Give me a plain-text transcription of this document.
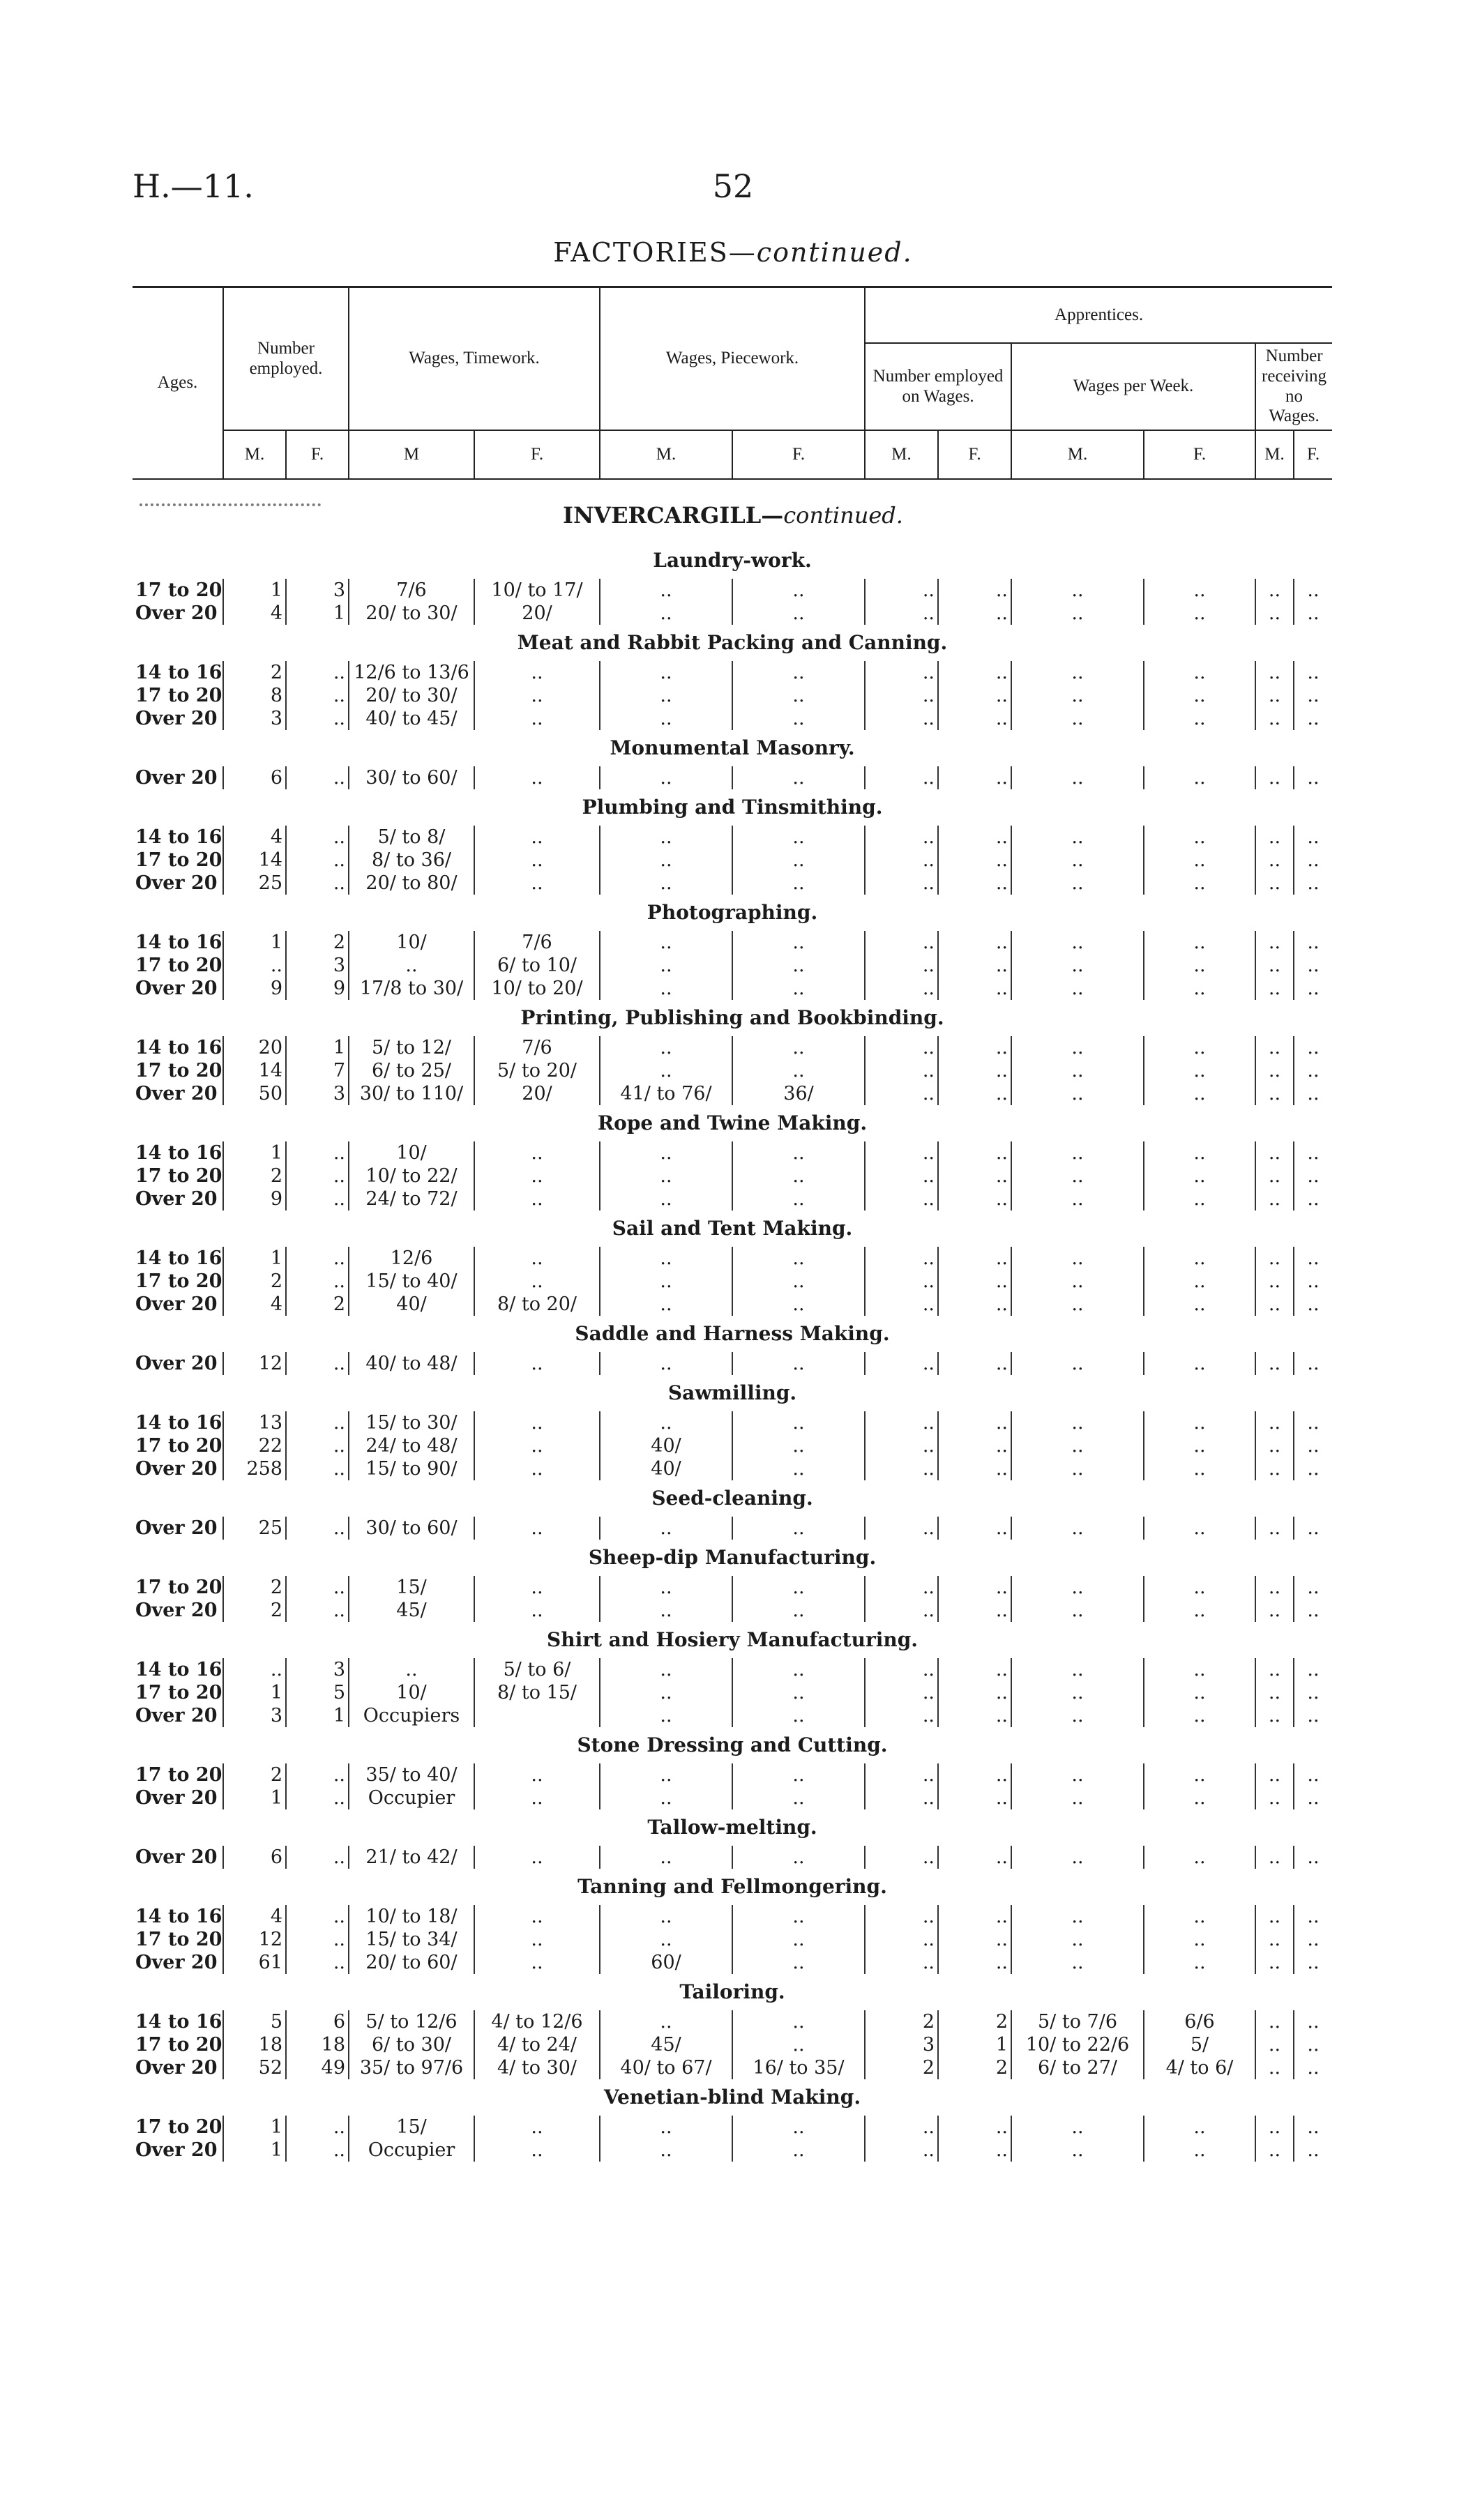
H.—11.	52
FACTORIES—continued.
Ages.	Number employed.		Wages, Timework.		Wages, Piecework.		Apprentices.					
							Number employed on Wages.		Wages per Week.		Number receiving no Wages.	
	M.	F.	M	F.	M.	F.	M.	F.	M.	F.	M.	F.
INVERCARGILL—continued.
Laundry-work.												
17 to 20	1	3	7/6	10/ to 17/	..	..	..	..	..	..	..	..
Over 20	4	1	20/ to 30/	20/	..	..	..	..	..	..	..	..
Meat and Rabbit Packing and Canning.												
14 to 16	2	..	12/6 to 13/6	..	..	..	..	..	..	..	..	..
17 to 20	8	..	20/ to 30/	..	..	..	..	..	..	..	..	..
Over 20	3	..	40/ to 45/	..	..	..	..	..	..	..	..	..
Monumental Masonry.												
Over 20	6	..	30/ to 60/	..	..	..	..	..	..	..	..	..
Plumbing and Tinsmithing.												
14 to 16	4	..	5/ to 8/	..	..	..	..	..	..	..	..	..
17 to 20	14	..	8/ to 36/	..	..	..	..	..	..	..	..	..
Over 20	25	..	20/ to 80/	..	..	..	..	..	..	..	..	..
Photographing.												
14 to 16	1	2	10/	7/6	..	..	..	..	..	..	..	..
17 to 20	..	3	..	6/ to 10/	..	..	..	..	..	..	..	..
Over 20	9	9	17/8 to 30/	10/ to 20/	..	..	..	..	..	..	..	..
Printing, Publishing and Bookbinding.												
14 to 16	20	1	5/ to 12/	7/6	..	..	..	..	..	..	..	..
17 to 20	14	7	6/ to 25/	5/ to 20/	..	..	..	..	..	..	..	..
Over 20	50	3	30/ to 110/	20/	41/ to 76/	36/	..	..	..	..	..	..
Rope and Twine Making.												
14 to 16	1	..	10/	..	..	..	..	..	..	..	..	..
17 to 20	2	..	10/ to 22/	..	..	..	..	..	..	..	..	..
Over 20	9	..	24/ to 72/	..	..	..	..	..	..	..	..	..
Sail and Tent Making.												
14 to 16	1	..	12/6	..	..	..	..	..	..	..	..	..
17 to 20	2	..	15/ to 40/	..	..	..	..	..	..	..	..	..
Over 20	4	2	40/	8/ to 20/	..	..	..	..	..	..	..	..
Saddle and Harness Making.												
Over 20	12	..	40/ to 48/	..	..	..	..	..	..	..	..	..
Sawmilling.												
14 to 16	13	..	15/ to 30/	..	..	..	..	..	..	..	..	..
17 to 20	22	..	24/ to 48/	..	40/	..	..	..	..	..	..	..
Over 20	258	..	15/ to 90/	..	40/	..	..	..	..	..	..	..
Seed-cleaning.												
Over 20	25	..	30/ to 60/	..	..	..	..	..	..	..	..	..
Sheep-dip Manufacturing.												
17 to 20	2	..	15/	..	..	..	..	..	..	..	..	..
Over 20	2	..	45/	..	..	..	..	..	..	..	..	..
Shirt and Hosiery Manufacturing.												
14 to 16	..	3	..	5/ to 6/	..	..	..	..	..	..	..	..
17 to 20	1	5	10/	8/ to 15/	..	..	..	..	..	..	..	..
Over 20	3	1	Occupiers		..	..	..	..	..	..	..	..
Stone Dressing and Cutting.												
17 to 20	2	..	35/ to 40/	..	..	..	..	..	..	..	..	..
Over 20	1	..	Occupier	..	..	..	..	..	..	..	..	..
Tallow-melting.												
Over 20	6	..	21/ to 42/	..	..	..	..	..	..	..	..	..
Tanning and Fellmongering.												
14 to 16	4	..	10/ to 18/	..	..	..	..	..	..	..	..	..
17 to 20	12	..	15/ to 34/	..	..	..	..	..	..	..	..	..
Over 20	61	..	20/ to 60/	..	60/	..	..	..	..	..	..	..
Tailoring.												
14 to 16	5	6	5/ to 12/6	4/ to 12/6	..	..	2	2	5/ to 7/6	6/6	..	..
17 to 20	18	18	6/ to 30/	4/ to 24/	45/	..	3	1	10/ to 22/6	5/	..	..
Over 20	52	49	35/ to 97/6	4/ to 30/	40/ to 67/	16/ to 35/	2	2	6/ to 27/	4/ to 6/	..	..
Venetian-blind Making.												
17 to 20	1	..	15/	..	..	..	..	..	..	..	..	..
Over 20	1	..	Occupier	..	..	..	..	..	..	..	..	..
